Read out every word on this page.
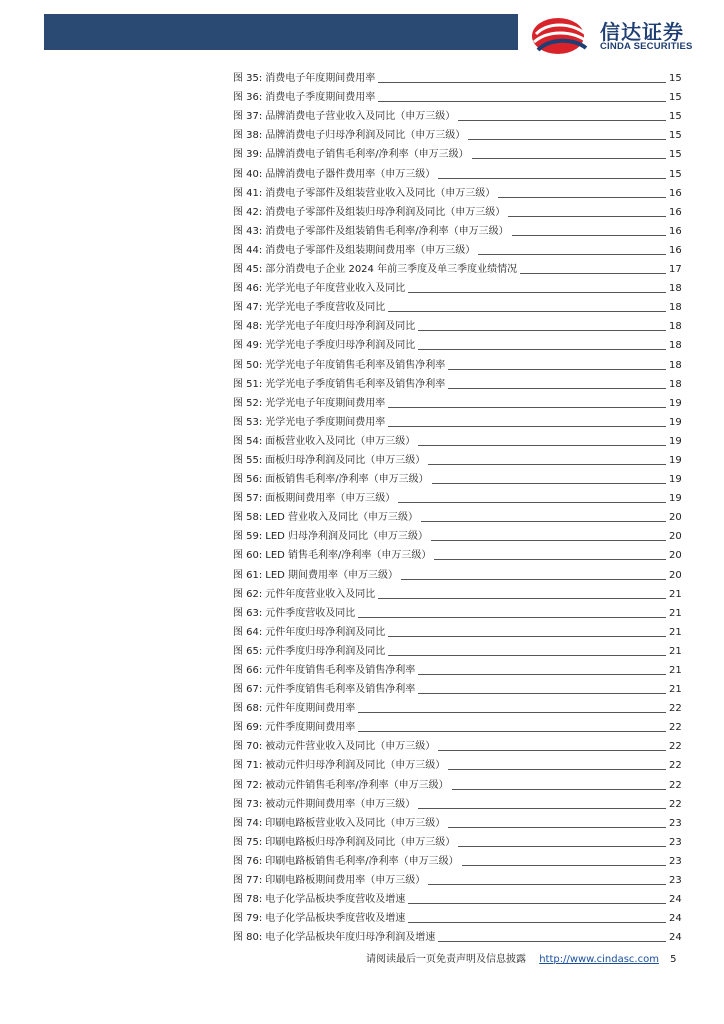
信达证券
CINDA SECURITIES
图 35: 消费电子年度期间费用率	15
图 36: 消费电子季度期间费用率	15
图 37: 品牌消费电子营业收入及同比（申万三级）	15
图 38: 品牌消费电子归母净利润及同比（申万三级）	15
图 39: 品牌消费电子销售毛利率/净利率（申万三级）	15
图 40: 品牌消费电子器件费用率（申万三级）	15
图 41: 消费电子零部件及组装营业收入及同比（申万三级）	16
图 42: 消费电子零部件及组装归母净利润及同比（申万三级）	16
图 43: 消费电子零部件及组装销售毛利率/净利率（申万三级）	16
图 44: 消费电子零部件及组装期间费用率（申万三级）	16
图 45: 部分消费电子企业 2024 年前三季度及单三季度业绩情况	17
图 46: 光学光电子年度营业收入及同比	18
图 47: 光学光电子季度营收及同比	18
图 48: 光学光电子年度归母净利润及同比	18
图 49: 光学光电子季度归母净利润及同比	18
图 50: 光学光电子年度销售毛利率及销售净利率	18
图 51: 光学光电子季度销售毛利率及销售净利率	18
图 52: 光学光电子年度期间费用率	19
图 53: 光学光电子季度期间费用率	19
图 54: 面板营业收入及同比（申万三级）	19
图 55: 面板归母净利润及同比（申万三级）	19
图 56: 面板销售毛利率/净利率（申万三级）	19
图 57: 面板期间费用率（申万三级）	19
图 58: LED 营业收入及同比（申万三级）	20
图 59: LED 归母净利润及同比（申万三级）	20
图 60: LED 销售毛利率/净利率（申万三级）	20
图 61: LED 期间费用率（申万三级）	20
图 62: 元件年度营业收入及同比	21
图 63: 元件季度营收及同比	21
图 64: 元件年度归母净利润及同比	21
图 65: 元件季度归母净利润及同比	21
图 66: 元件年度销售毛利率及销售净利率	21
图 67: 元件季度销售毛利率及销售净利率	21
图 68: 元件年度期间费用率	22
图 69: 元件季度期间费用率	22
图 70: 被动元件营业收入及同比（申万三级）	22
图 71: 被动元件归母净利润及同比（申万三级）	22
图 72: 被动元件销售毛利率/净利率（申万三级）	22
图 73: 被动元件期间费用率（申万三级）	22
图 74: 印刷电路板营业收入及同比（申万三级）	23
图 75: 印刷电路板归母净利润及同比（申万三级）	23
图 76: 印刷电路板销售毛利率/净利率（申万三级）	23
图 77: 印刷电路板期间费用率（申万三级）	23
图 78: 电子化学品板块季度营收及增速	24
图 79: 电子化学品板块季度营收及增速	24
图 80: 电子化学品板块年度归母净利润及增速	24
请阅读最后一页免责声明及信息披露 http://www.cindasc.com 5
